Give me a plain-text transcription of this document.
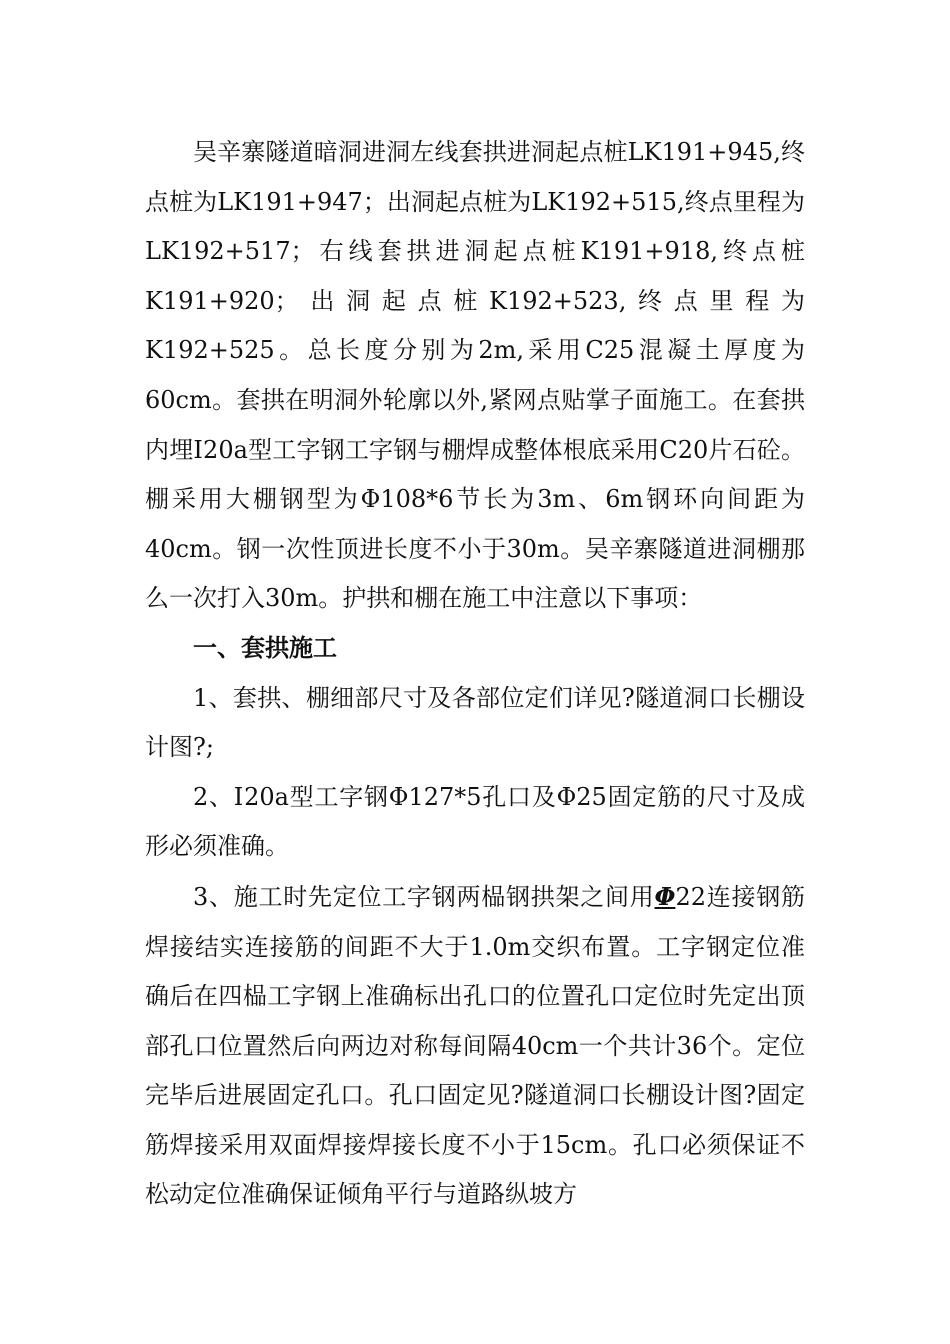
吴辛寨隧道暗洞进洞左线套拱进洞起点桩LK191+945,终点桩为LK191+947；出洞起点桩为LK192+515,终点里程为LK192+517；右线套拱进洞起点桩K191+918,终点桩K191+920；出洞起点桩K192+523,终点里程为K192+525。总长度分别为2m,采用C25混凝土厚度为60cm。套拱在明洞外轮廓以外,紧网点贴掌子面施工。在套拱内埋Ⅰ20a型工字钢工字钢与棚焊成整体根底采用C20片石砼。棚采用大棚钢型为Φ108*6节长为3m、6m钢环向间距为40cm。钢一次性顶进长度不小于30m。吴辛寨隧道进洞棚那么一次打入30m。护拱和棚在施工中注意以下事项：

一、套拱施工

1、套拱、棚细部尺寸及各部位定们详见?隧道洞口长棚设计图?;

2、Ⅰ20a型工字钢Φ127*5孔口及Φ25固定筋的尺寸及成形必须准确。

3、施工时先定位工字钢两榀钢拱架之间用Φ22连接钢筋焊接结实连接筋的间距不大于1.0m交织布置。工字钢定位准确后在四榀工字钢上准确标出孔口的位置孔口定位时先定出顶部孔口位置然后向两边对称每间隔40cm一个共计36个。定位完毕后进展固定孔口。孔口固定见?隧道洞口长棚设计图?固定筋焊接采用双面焊接焊接长度不小于15cm。孔口必须保证不松动定位准确保证倾角平行与道路纵坡方
